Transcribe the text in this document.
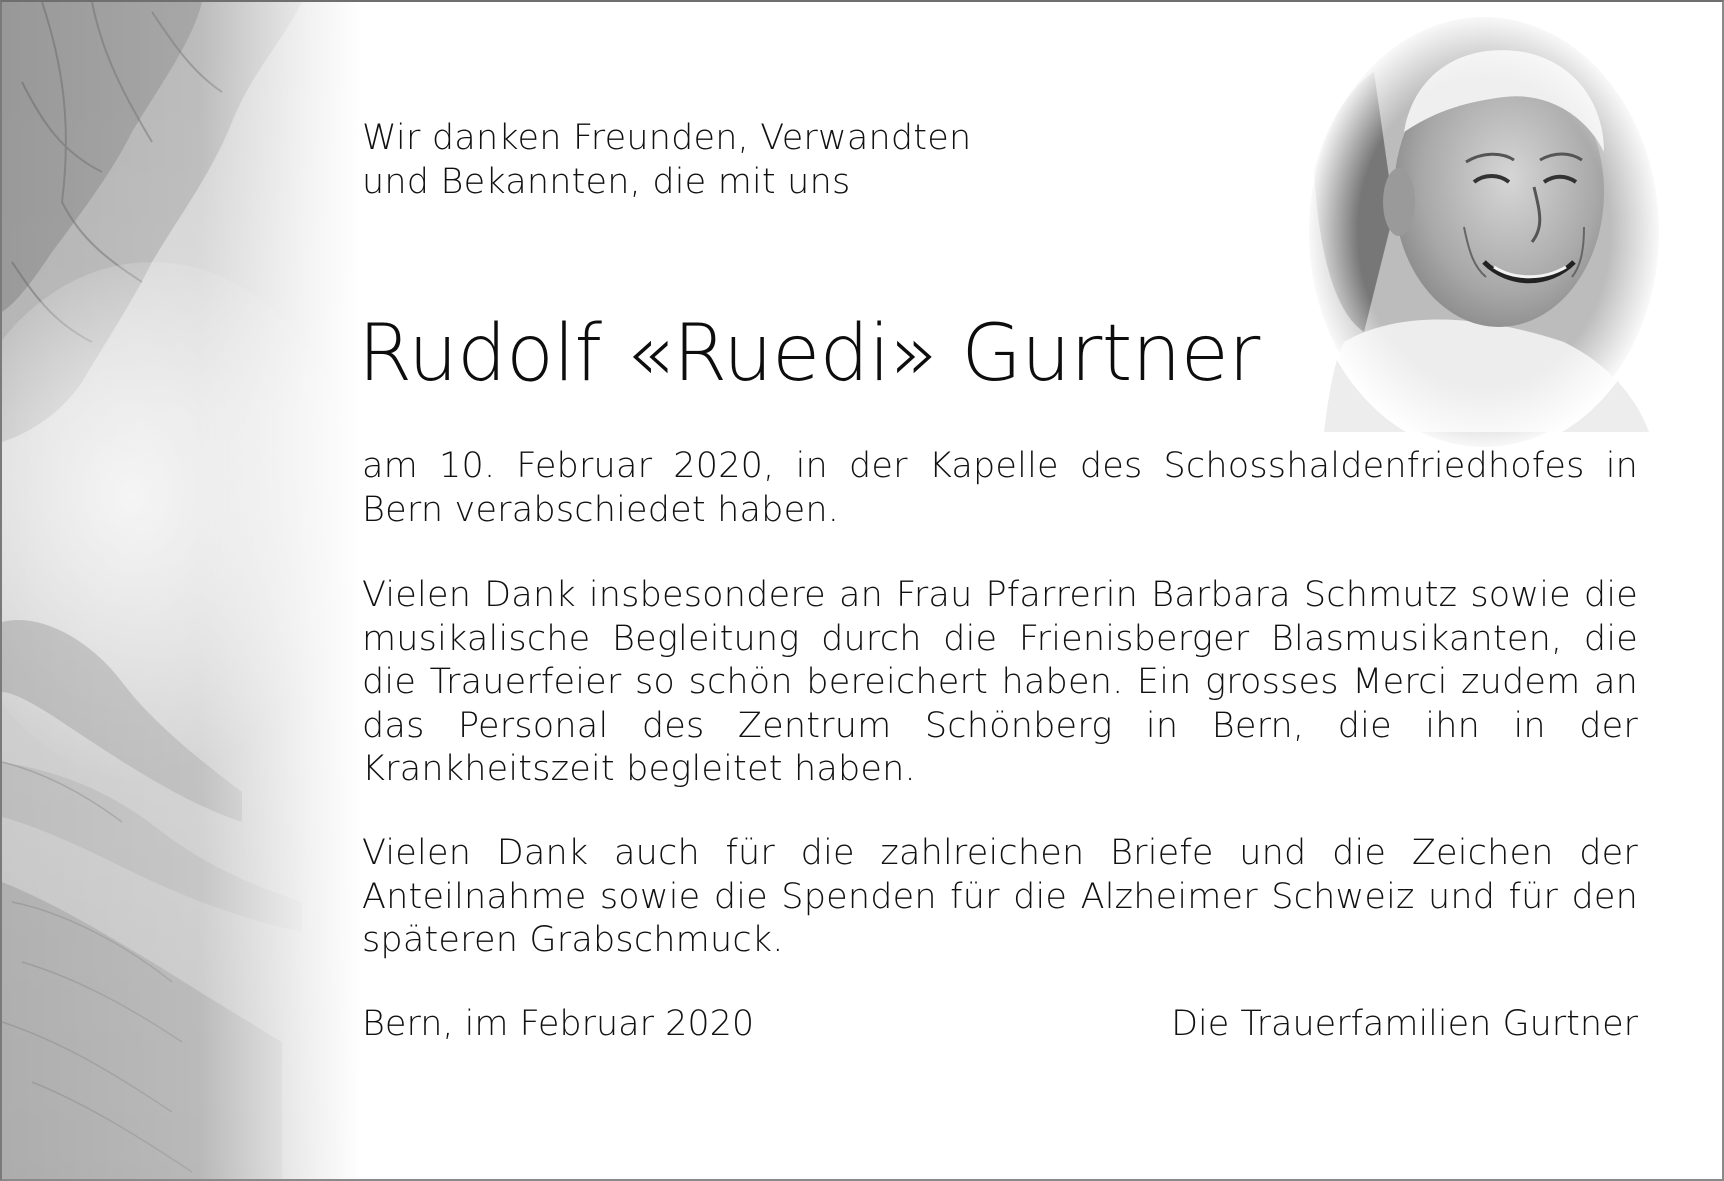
Wir danken Freunden, Verwandten
und Bekannten, die mit uns
Rudolf «Ruedi» Gurtner
am 10. Februar 2020, in der Kapelle des Schosshaldenfriedhofes in Bern verabschiedet haben.
Vielen Dank insbesondere an Frau Pfarrerin Barbara Schmutz sowie die musikalische Begleitung durch die Frienisberger Blasmusikanten, die die Trauerfeier so schön bereichert haben. Ein grosses Merci zudem an das Personal des Zentrum Schönberg in Bern, die ihn in der Krankheitszeit begleitet haben.
Vielen Dank auch für die zahlreichen Briefe und die Zeichen der Anteilnahme sowie die Spenden für die Alzheimer Schweiz und für den späteren Grabschmuck.
Bern, im Februar 2020	Die Trauerfamilien Gurtner
